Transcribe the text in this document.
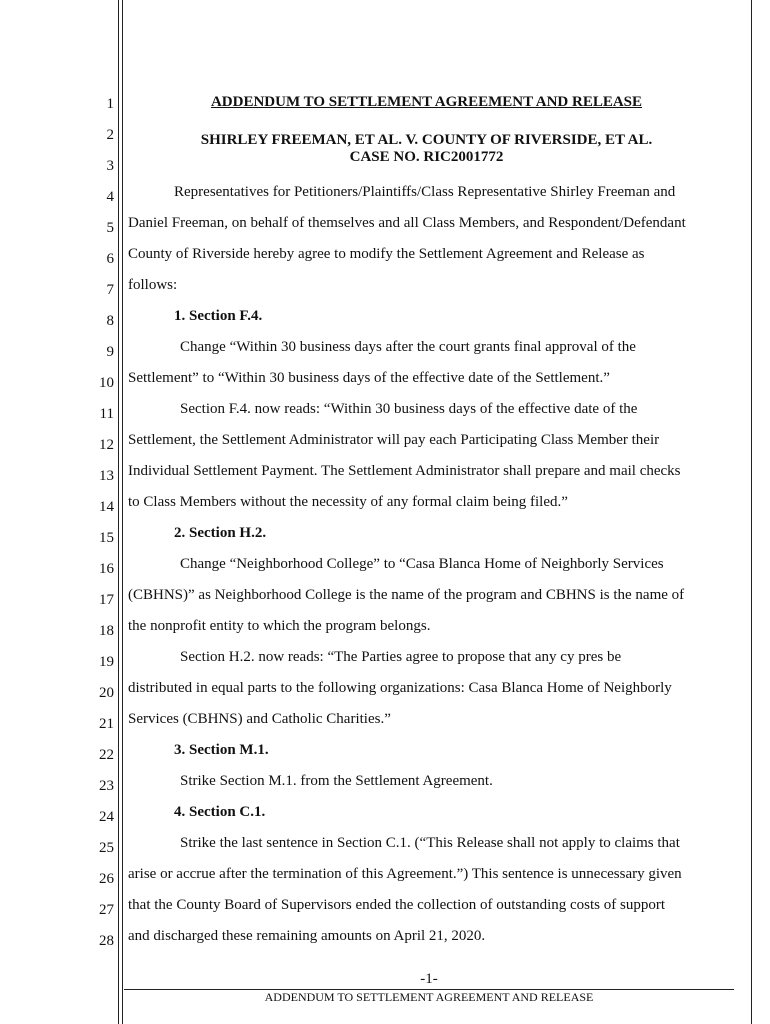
1
2
3
4
5
6
7
8
9
10
11
12
13
14
15
16
17
18
19
20
21
22
23
24
25
26
27
28
ADDENDUM TO SETTLEMENT AGREEMENT AND RELEASE
SHIRLEY FREEMAN, ET AL. V. COUNTY OF RIVERSIDE, ET AL.
CASE NO. RIC2001772
Representatives for Petitioners/Plaintiffs/Class Representative Shirley Freeman and
Daniel Freeman, on behalf of themselves and all Class Members, and Respondent/Defendant
County of Riverside hereby agree to modify the Settlement Agreement and Release as
follows:
1. Section F.4.
Change “Within 30 business days after the court grants final approval of the
Settlement” to “Within 30 business days of the effective date of the Settlement.”
Section F.4. now reads: “Within 30 business days of the effective date of the
Settlement, the Settlement Administrator will pay each Participating Class Member their
Individual Settlement Payment. The Settlement Administrator shall prepare and mail checks
to Class Members without the necessity of any formal claim being filed.”
2. Section H.2.
Change “Neighborhood College” to “Casa Blanca Home of Neighborly Services
(CBHNS)” as Neighborhood College is the name of the program and CBHNS is the name of
the nonprofit entity to which the program belongs.
Section H.2. now reads: “The Parties agree to propose that any cy pres be
distributed in equal parts to the following organizations: Casa Blanca Home of Neighborly
Services (CBHNS) and Catholic Charities.”
3. Section M.1.
Strike Section M.1. from the Settlement Agreement.
4. Section C.1.
Strike the last sentence in Section C.1. (“This Release shall not apply to claims that
arise or accrue after the termination of this Agreement.”) This sentence is unnecessary given
that the County Board of Supervisors ended the collection of outstanding costs of support
and discharged these remaining amounts on April 21, 2020.
-1-
ADDENDUM TO SETTLEMENT AGREEMENT AND RELEASE
